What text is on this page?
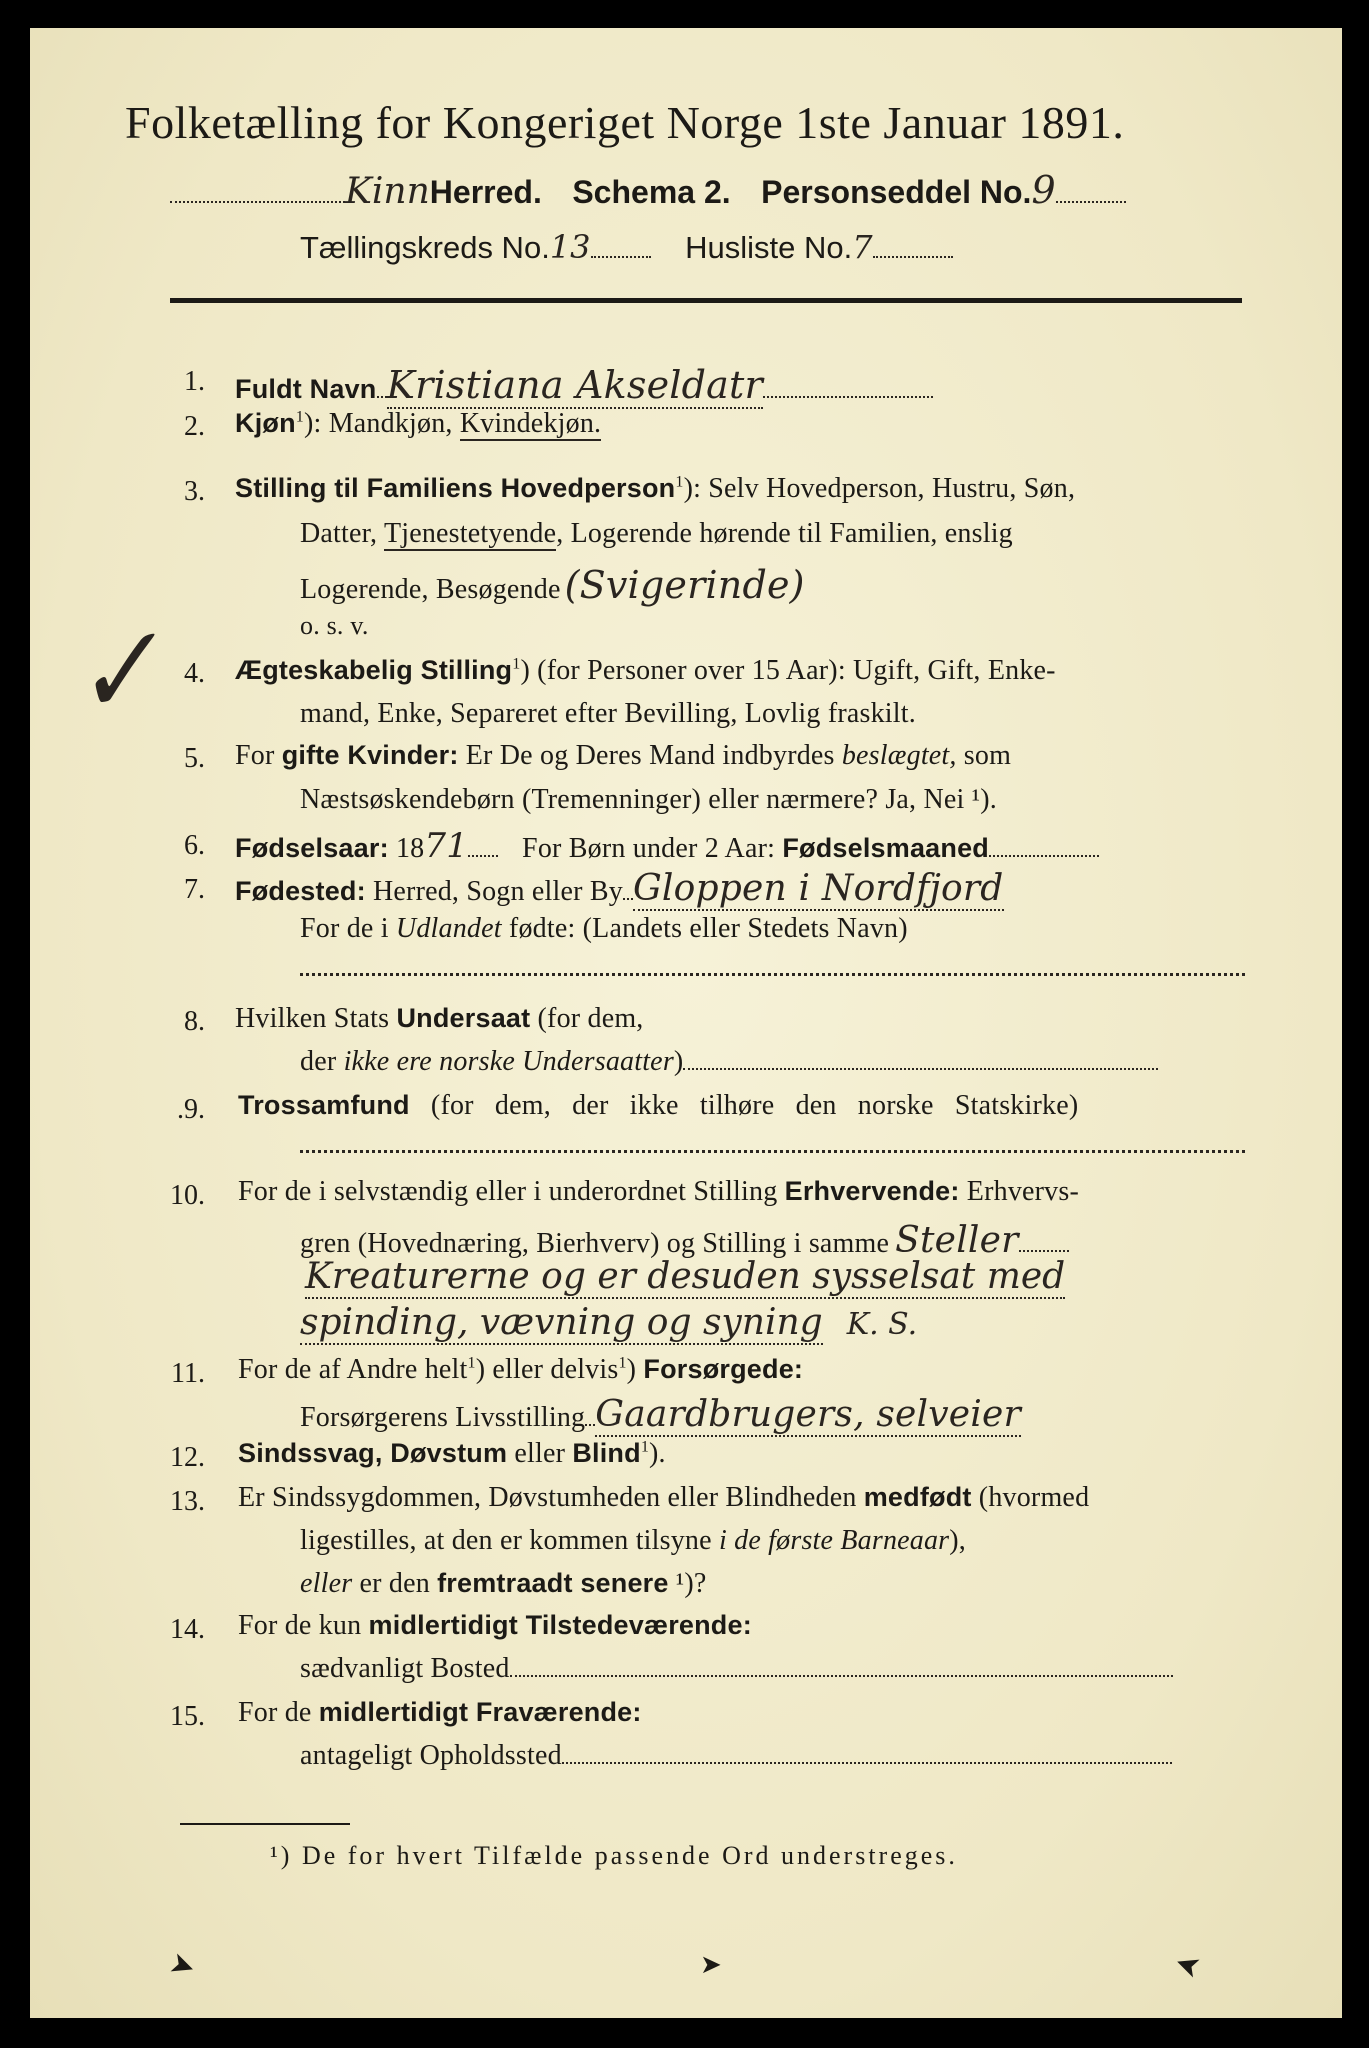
Folketælling for Kongeriget Norge 1ste Januar 1891.
KinnHerred. Schema 2. Personseddel No.9
Tællingskreds No.13	Husliste No.7
1. Fuldt Navn Kristiana Akseldatr
2. Kjøn$^1$): Mandkjøn, Kvindekjøn.
3. Stilling til Familiens Hovedperson$^1$): Selv Hovedperson, Hustru, Søn,
Datter, Tjenestetyende, Logerende hørende til Familien, enslig
Logerende, Besøgende (Svigerinde)
o. s. v.
✓ 4. Ægteskabelig Stilling$^1$) (for Personer over 15 Aar): Ugift, Gift, Enke-
mand, Enke, Separeret efter Bevilling, Lovlig fraskilt.
5. For gifte Kvinder: Er De og Deres Mand indbyrdes beslægtet, som
Næstsøskendebørn (Tremenninger) eller nærmere? Ja, Nei ¹).
6. Fødselsaar: 1871 For Børn under 2 Aar: Fødselsmaaned
7. Fødested: Herred, Sogn eller By Gloppen i Nordfjord
For de i Udlandet fødte: (Landets eller Stedets Navn)
8. Hvilken Stats Undersaat (for dem,
der ikke ere norske Undersaatter)
.9. Trossamfund (for dem, der ikke tilhøre den norske Statskirke)
10. For de i selvstændig eller i underordnet Stilling Erhvervende: Erhvervs-
gren (Hovednæring, Bierhverv) og Stilling i samme Steller
Kreaturerne og er desuden sysselsat med
spinding, vævning og syning K. S.
11. For de af Andre helt$^1$) eller delvis$^1$) Forsørgede:
Forsørgerens Livsstilling Gaardbrugers, selveier
12. Sindssvag, Døvstum eller Blind$^1$).
13. Er Sindssygdommen, Døvstumheden eller Blindheden medfødt (hvormed
ligestilles, at den er kommen tilsyne i de første Barneaar),
eller er den fremtraadt senere ¹)?
14. For de kun midlertidigt Tilstedeværende:
sædvanligt Bosted
15. For de midlertidigt Fraværende:
antageligt Opholdssted
¹) De for hvert Tilfælde passende Ord understreges.
➤	➤	➤
